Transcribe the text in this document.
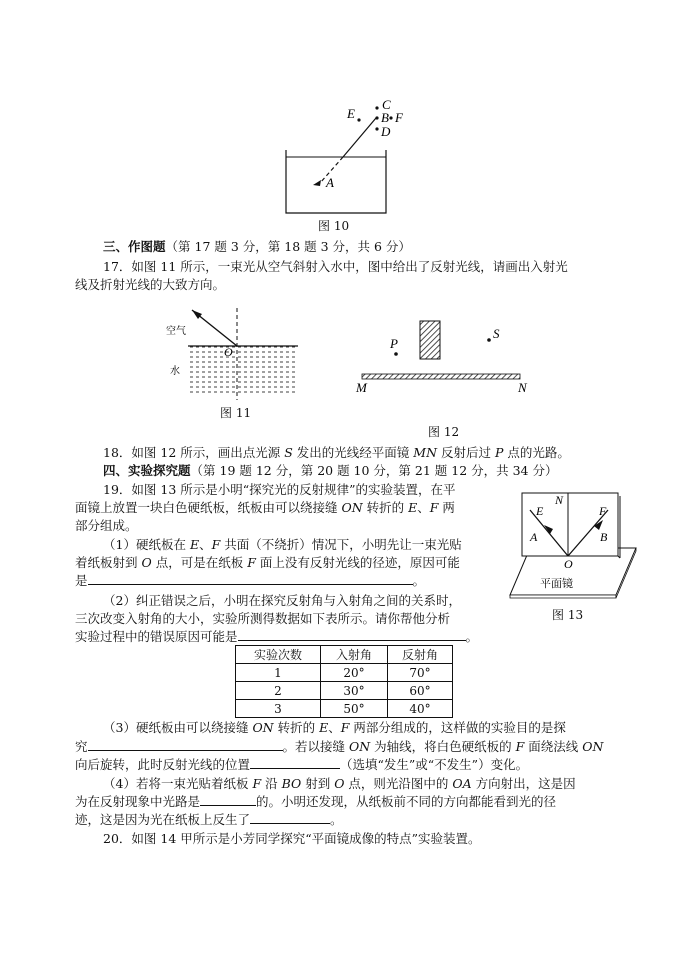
C
E B F
D
A
图 10
三、作图题（第 17 题 3 分，第 18 题 3 分，共 6 分）
17．如图 11 所示，一束光从空气斜射入水中，图中给出了反射光线，请画出入射光
线及折射光线的大致方向。
空气
水
O
图 11
P
S
M	N
图 12
18．如图 12 所示，画出点光源 S 发出的光线经平面镜 MN 反射后过 P 点的光路。
四、实验探究题（第 19 题 12 分，第 20 题 10 分，第 21 题 12 分，共 34 分）
19．如图 13 所示是小明“探究光的反射规律”的实验装置，在平
面镜上放置一块白色硬纸板，纸板由可以绕接缝 ON 转折的 E、F 两
部分组成。
（1）硬纸板在 E、F 共面（不绕折）情况下，小明先让一束光贴
着纸板射到 O 点，可是在纸板 F 面上没有反射光线的径迹，原因可能
是	。
（2）纠正错误之后，小明在探究反射角与入射角之间的关系时，
三次改变入射角的大小，实验所测得数据如下表所示。请你帮他分析
实验过程中的错误原因可能是	。
实验次数	入射角	反射角
1	20°	70°
2	30°	60°
3	50°	40°
N
E	F
A	B
O
平面镜
图 13
（3）硬纸板由可以绕接缝 ON 转折的 E、F 两部分组成的，这样做的实验目的是探
究	。若以接缝 ON 为轴线，将白色硬纸板的 F 面绕法线 ON
向后旋转，此时反射光线的位置	（选填“发生”或“不发生”）变化。
（4）若将一束光贴着纸板 F 沿 BO 射到 O 点，则光沿图中的 OA 方向射出，这是因
为在反射现象中光路是	的。小明还发现，从纸板前不同的方向都能看到光的径
迹，这是因为光在纸板上反生了	。
20．如图 14 甲所示是小芳同学探究“平面镜成像的特点”实验装置。
